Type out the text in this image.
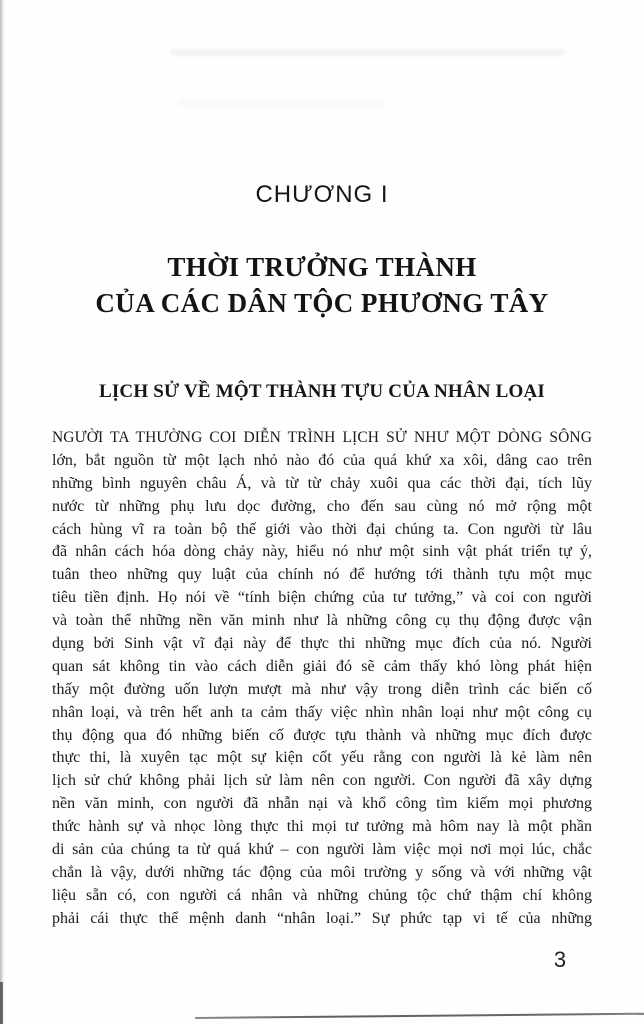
CHƯƠNG I
THỜI TRƯỞNG THÀNH
CỦA CÁC DÂN TỘC PHƯƠNG TÂY
LỊCH SỬ VỀ MỘT THÀNH TỰU CỦA NHÂN LOẠI
NGƯỜI TA THƯỜNG COI DIỄN TRÌNH LỊCH SỬ NHƯ MỘT DÒNG SÔNG
lớn, bắt nguồn từ một lạch nhỏ nào đó của quá khứ xa xôi, dâng cao trên
những bình nguyên châu Á, và từ từ chảy xuôi qua các thời đại, tích lũy
nước từ những phụ lưu dọc đường, cho đến sau cùng nó mở rộng một
cách hùng vĩ ra toàn bộ thế giới vào thời đại chúng ta. Con người từ lâu
đã nhân cách hóa dòng chảy này, hiểu nó như một sinh vật phát triển tự ý,
tuân theo những quy luật của chính nó để hướng tới thành tựu một mục
tiêu tiền định. Họ nói về “tính biện chứng của tư tưởng,” và coi con người
và toàn thể những nền văn minh như là những công cụ thụ động được vận
dụng bởi Sinh vật vĩ đại này để thực thi những mục đích của nó. Người
quan sát không tin vào cách diễn giải đó sẽ cảm thấy khó lòng phát hiện
thấy một đường uốn lượn mượt mà như vậy trong diễn trình các biến cố
nhân loại, và trên hết anh ta cảm thấy việc nhìn nhân loại như một công cụ
thụ động qua đó những biến cố được tựu thành và những mục đích được
thực thi, là xuyên tạc một sự kiện cốt yếu rằng con người là kẻ làm nên
lịch sử chứ không phải lịch sử làm nên con người. Con người đã xây dựng
nền văn minh, con người đã nhẫn nại và khổ công tìm kiếm mọi phương
thức hành sự và nhọc lòng thực thi mọi tư tưởng mà hôm nay là một phần
di sản của chúng ta từ quá khứ – con người làm việc mọi nơi mọi lúc, chắc
chắn là vậy, dưới những tác động của môi trường y sống và với những vật
liệu sẵn có, con người cá nhân và những chủng tộc chứ thậm chí không
phải cái thực thể mệnh danh “nhân loại.” Sự phức tạp vi tế của những
3
